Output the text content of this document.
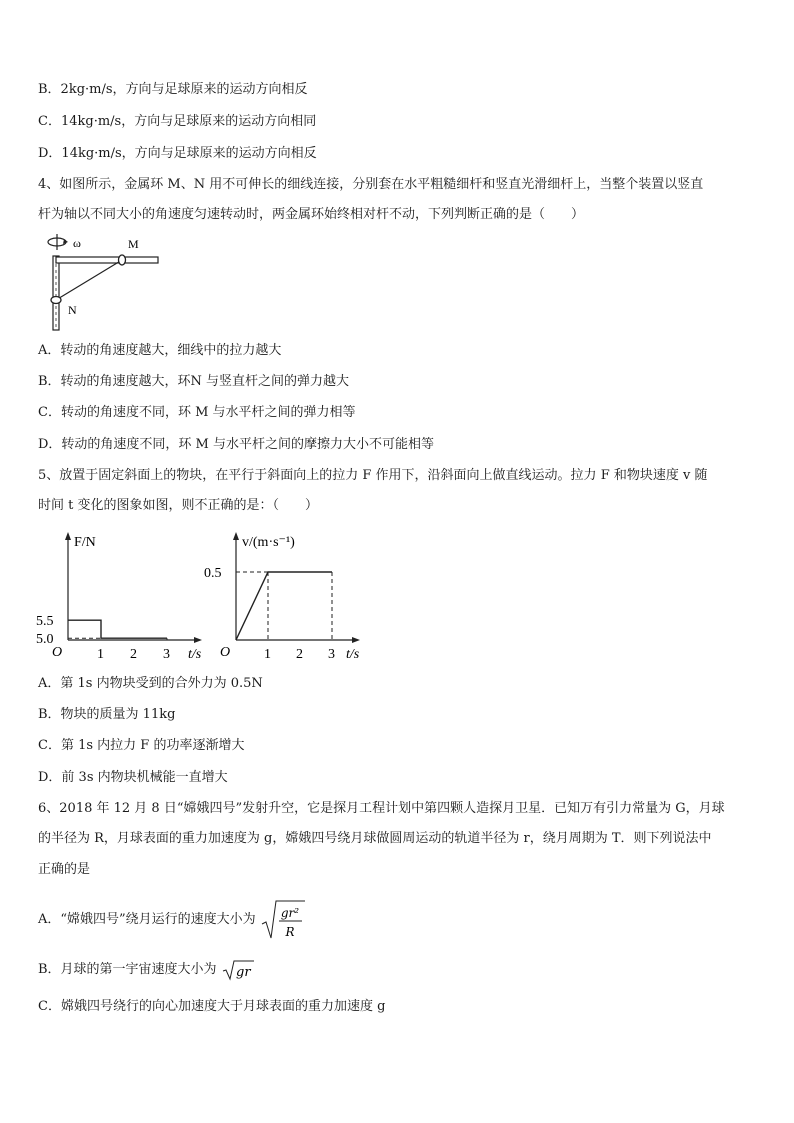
B．2kg·m/s，方向与足球原来的运动方向相反
C．14kg·m/s，方向与足球原来的运动方向相同
D．14kg·m/s，方向与足球原来的运动方向相反
4、如图所示，金属环 M、N 用不可伸长的细线连接，分别套在水平粗糙细杆和竖直光滑细杆上，当整个装置以竖直
杆为轴以不同大小的角速度匀速转动时，两金属环始终相对杆不动，下列判断正确的是（　　）
ω	M
N
A．转动的角速度越大，细线中的拉力越大
B．转动的角速度越大，环N 与竖直杆之间的弹力越大
C．转动的角速度不同，环 M 与水平杆之间的弹力相等
D．转动的角速度不同，环 M 与水平杆之间的摩擦力大小不可能相等
5、放置于固定斜面上的物块，在平行于斜面向上的拉力 F 作用下，沿斜面向上做直线运动。拉力 F 和物块速度 v 随
时间 t 变化的图象如图，则不正确的是：（　　）
F/N
t/s
O 1 2 3
5.0
5.5
v/(m·s⁻¹)
t/s
O 1 2 3
0.5
A．第 1s 内物块受到的合外力为 0.5N
B．物块的质量为 11kg
C．第 1s 内拉力 F 的功率逐渐增大
D．前 3s 内物块机械能一直增大
6、2018 年 12 月 8 日“嫦娥四号”发射升空，它是探月工程计划中第四颗人造探月卫星．已知万有引力常量为 G，月球
的半径为 R，月球表面的重力加速度为 g，嫦娥四号绕月球做圆周运动的轨道半径为 r，绕月周期为 T．则下列说法中
正确的是
A．“嫦娥四号”绕月运行的速度大小为 gr²
R
B．月球的第一宇宙速度大小为 gr
C．嫦娥四号绕行的向心加速度大于月球表面的重力加速度 g
